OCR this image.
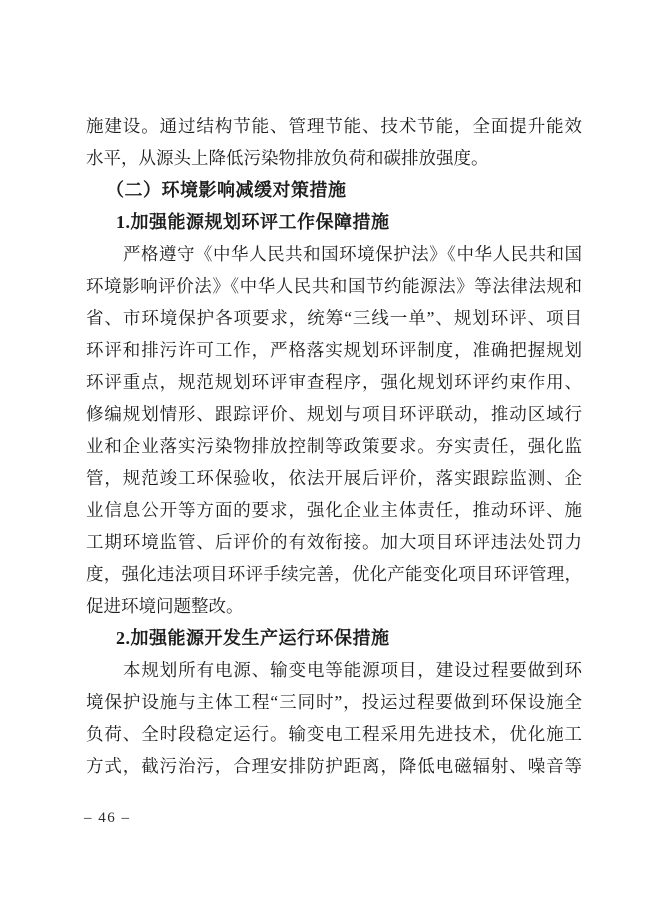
施建设。通过结构节能、管理节能、技术节能，全面提升能效
水平，从源头上降低污染物排放负荷和碳排放强度。
（二）环境影响减缓对策措施
1.加强能源规划环评工作保障措施
严格遵守《中华人民共和国环境保护法》《中华人民共和国
环境影响评价法》《中华人民共和国节约能源法》等法律法规和
省、市环境保护各项要求，统筹“三线一单”、规划环评、项目
环评和排污许可工作，严格落实规划环评制度，准确把握规划
环评重点，规范规划环评审查程序，强化规划环评约束作用、
修编规划情形、跟踪评价、规划与项目环评联动，推动区域行
业和企业落实污染物排放控制等政策要求。夯实责任，强化监
管，规范竣工环保验收，依法开展后评价，落实跟踪监测、企
业信息公开等方面的要求，强化企业主体责任，推动环评、施
工期环境监管、后评价的有效衔接。加大项目环评违法处罚力
度，强化违法项目环评手续完善，优化产能变化项目环评管理，
促进环境问题整改。
2.加强能源开发生产运行环保措施
本规划所有电源、输变电等能源项目，建设过程要做到环
境保护设施与主体工程“三同时”，投运过程要做到环保设施全
负荷、全时段稳定运行。输变电工程采用先进技术，优化施工
方式，截污治污，合理安排防护距离，降低电磁辐射、噪音等
– 46 –
